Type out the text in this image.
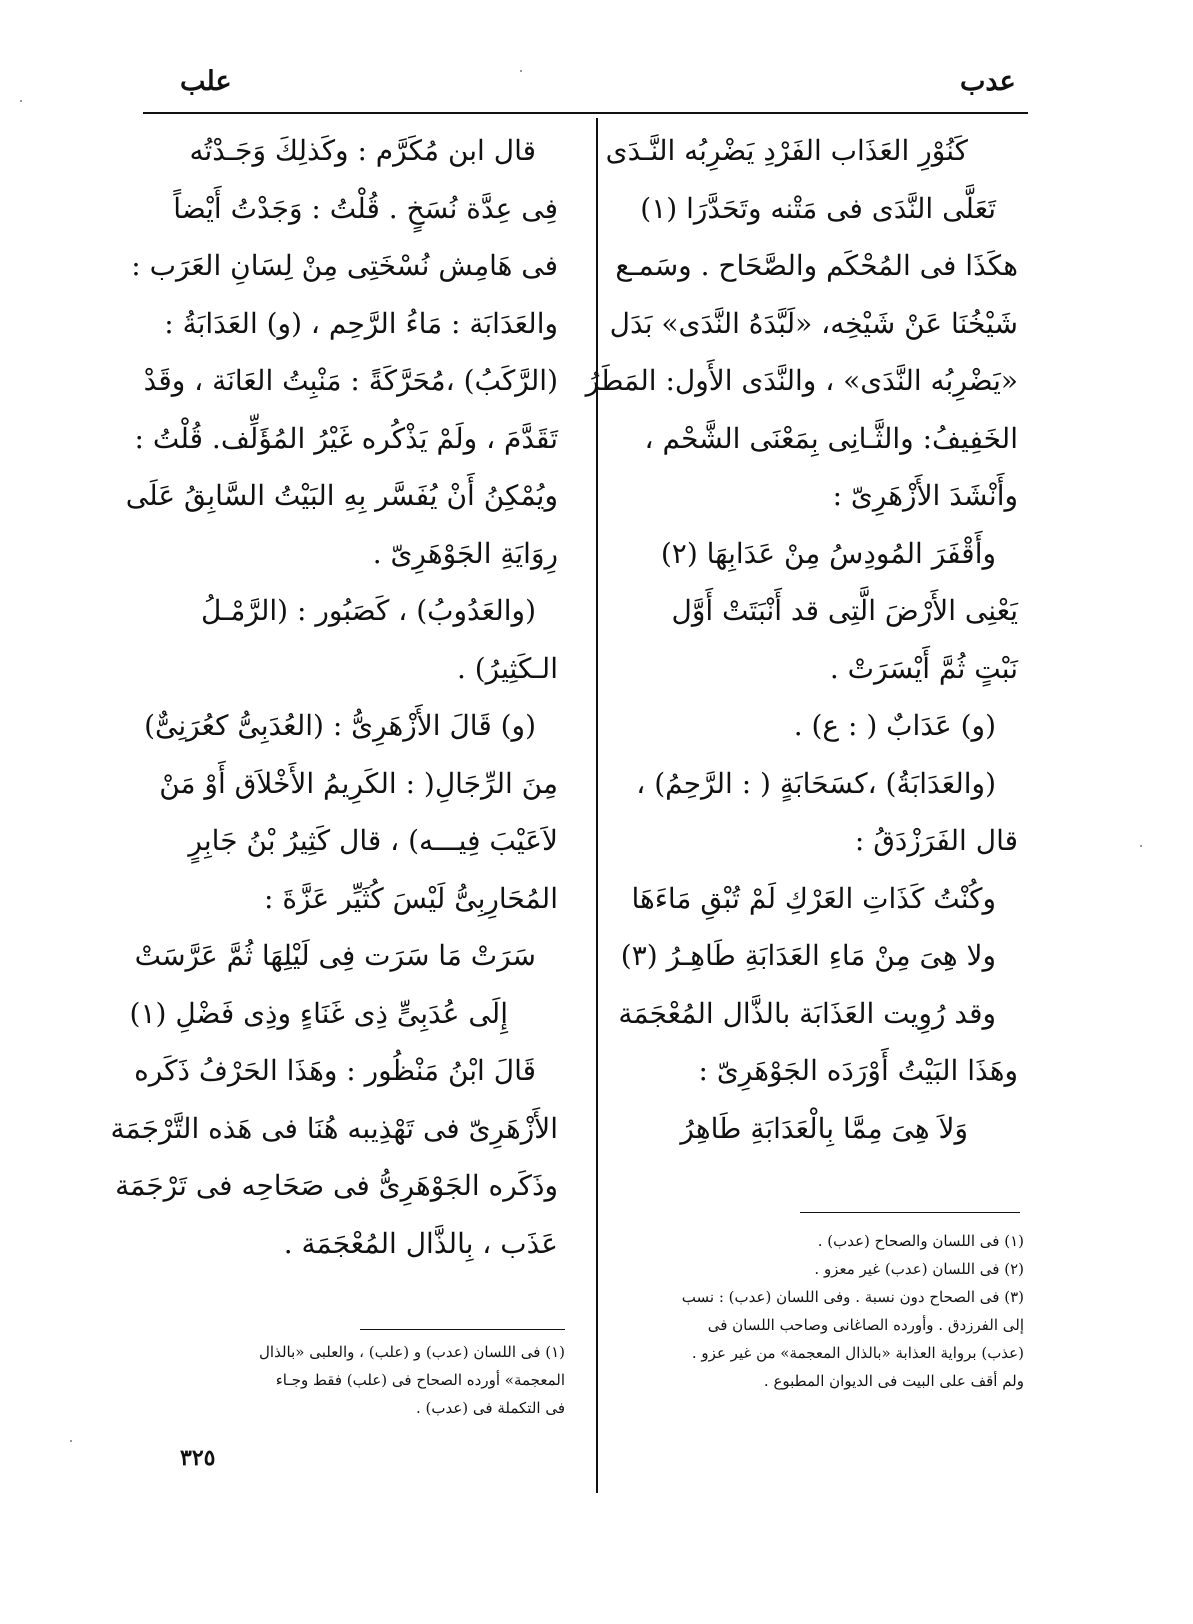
عدب
علب
كَنُوْرِ العَذَاب الفَرْدِ يَضْرِبُه النَّـدَى
تَعَلَّى النَّدَى فى مَتْنه وتَحَدَّرَا (١)
هكَذَا فى المُحْكَم والصَّحَاح . وسَمـع
شَيْخُنَا عَنْ شَيْخِه، «لَبَّدَهُ النَّدَى» بَدَل
«يَضْرِبُه النَّدَى» ، والنَّدَى الأَول: المَطَرُ
الخَفِيفُ: والثَّـانِى بِمَعْنَى الشَّحْم ،
وأَنْشَدَ الأَزْهَرِىّ :
وأَقْفَرَ المُودِسُ مِنْ عَدَابِهَا (٢)
يَعْنِى الأَرْضَ الَّتِى قد أَنْبَتَتْ أَوَّل
نَبْتٍ ثُمَّ أَيْسَرَتْ .
(و) عَدَابٌ ( : ع) .
(والعَدَابَةُ) ،كسَحَابَةٍ ( : الرَّحِمُ) ،
قال الفَرَزْدَقُ :
وكُنْتُ كَذَاتِ العَرْكِ لَمْ تُبْقِ مَاءَهَا
ولا هِىَ مِنْ مَاءِ العَدَابَةِ طَاهِـرُ (٣)
وقد رُوِيت العَذَابَة بالذَّال المُعْجَمَة
وهَذَا البَيْتُ أَوْرَدَه الجَوْهَرِىّ :
وَلاَ هِىَ مِمَّا بِالْعَدَابَةِ طَاهِرُ
(١) فى اللسان والصحاح (عدب) .
(٢) فى اللسان (عدب) غير معزو .
(٣) فى الصحاح دون نسبة . وفى اللسان (عدب) : نسب
إلى الفرزدق . وأورده الصاغانى وصاحب اللسان فى
(عذب) برواية العذابة «بالذال المعجمة» من غير عزو .
ولم أقف على البيت فى الديوان المطبوع .
قال ابن مُكَرَّم : وكَذلِكَ وَجَـدْتُه
فِى عِدَّة نُسَخٍ . قُلْتُ : وَجَدْتُ أَيْضاً
فى هَامِش نُسْخَتِى مِنْ لِسَانِ العَرَب :
والعَدَابَة : مَاءُ الرَّحِم ، (و) العَدَابَةُ :
(الرَّكَبُ) ،مُحَرَّكَةً : مَنْبِتُ العَانَة ، وقَدْ
تَقَدَّمَ ، ولَمْ يَذْكُره غَيْرُ المُؤَلِّف. قُلْتُ :
ويُمْكِنُ أَنْ يُفَسَّر بِهِ البَيْتُ السَّابِقُ عَلَى
رِوَايَةِ الجَوْهَرِىّ .
(والعَدُوبُ) ، كَصَبُور : (الرَّمْـلُ
الـكَثِيرُ) .
(و) قَالَ الأَزْهَرِىُّ : (العُدَبِىُّ كعُرَنِىٌّ)
مِنَ الرِّجَالِ( : الكَرِيمُ الأَخْلاَق أَوْ مَنْ
لاَعَيْبَ فِيـــه) ، قال كَثِيرُ بْنُ جَابِرٍ
المُحَارِبِىُّ لَيْسَ كُثَيِّر عَزَّةَ :
سَرَتْ مَا سَرَت فِى لَيْلِهَا ثُمَّ عَرَّسَتْ
إِلَى عُدَبِىٍّ ذِى غَنَاءٍ وذِى فَضْلِ (١)
قَالَ ابْنُ مَنْظُور : وهَذَا الحَرْفُ ذَكَره
الأَزْهَرِىّ فى تَهْذِيبه هُنَا فى هَذه التَّرْجَمَة
وذَكَره الجَوْهَرِىُّ فى صَحَاحِه فى تَرْجَمَة
عَذَب ، بِالذَّال المُعْجَمَة .
(١) فى اللسان (عدب) و (علب) ، والعلبى «بالذال
المعجمة» أورده الصحاح فى (علب) فقط وجـاء
فى التكملة فى (عدب) .
٣٢٥
